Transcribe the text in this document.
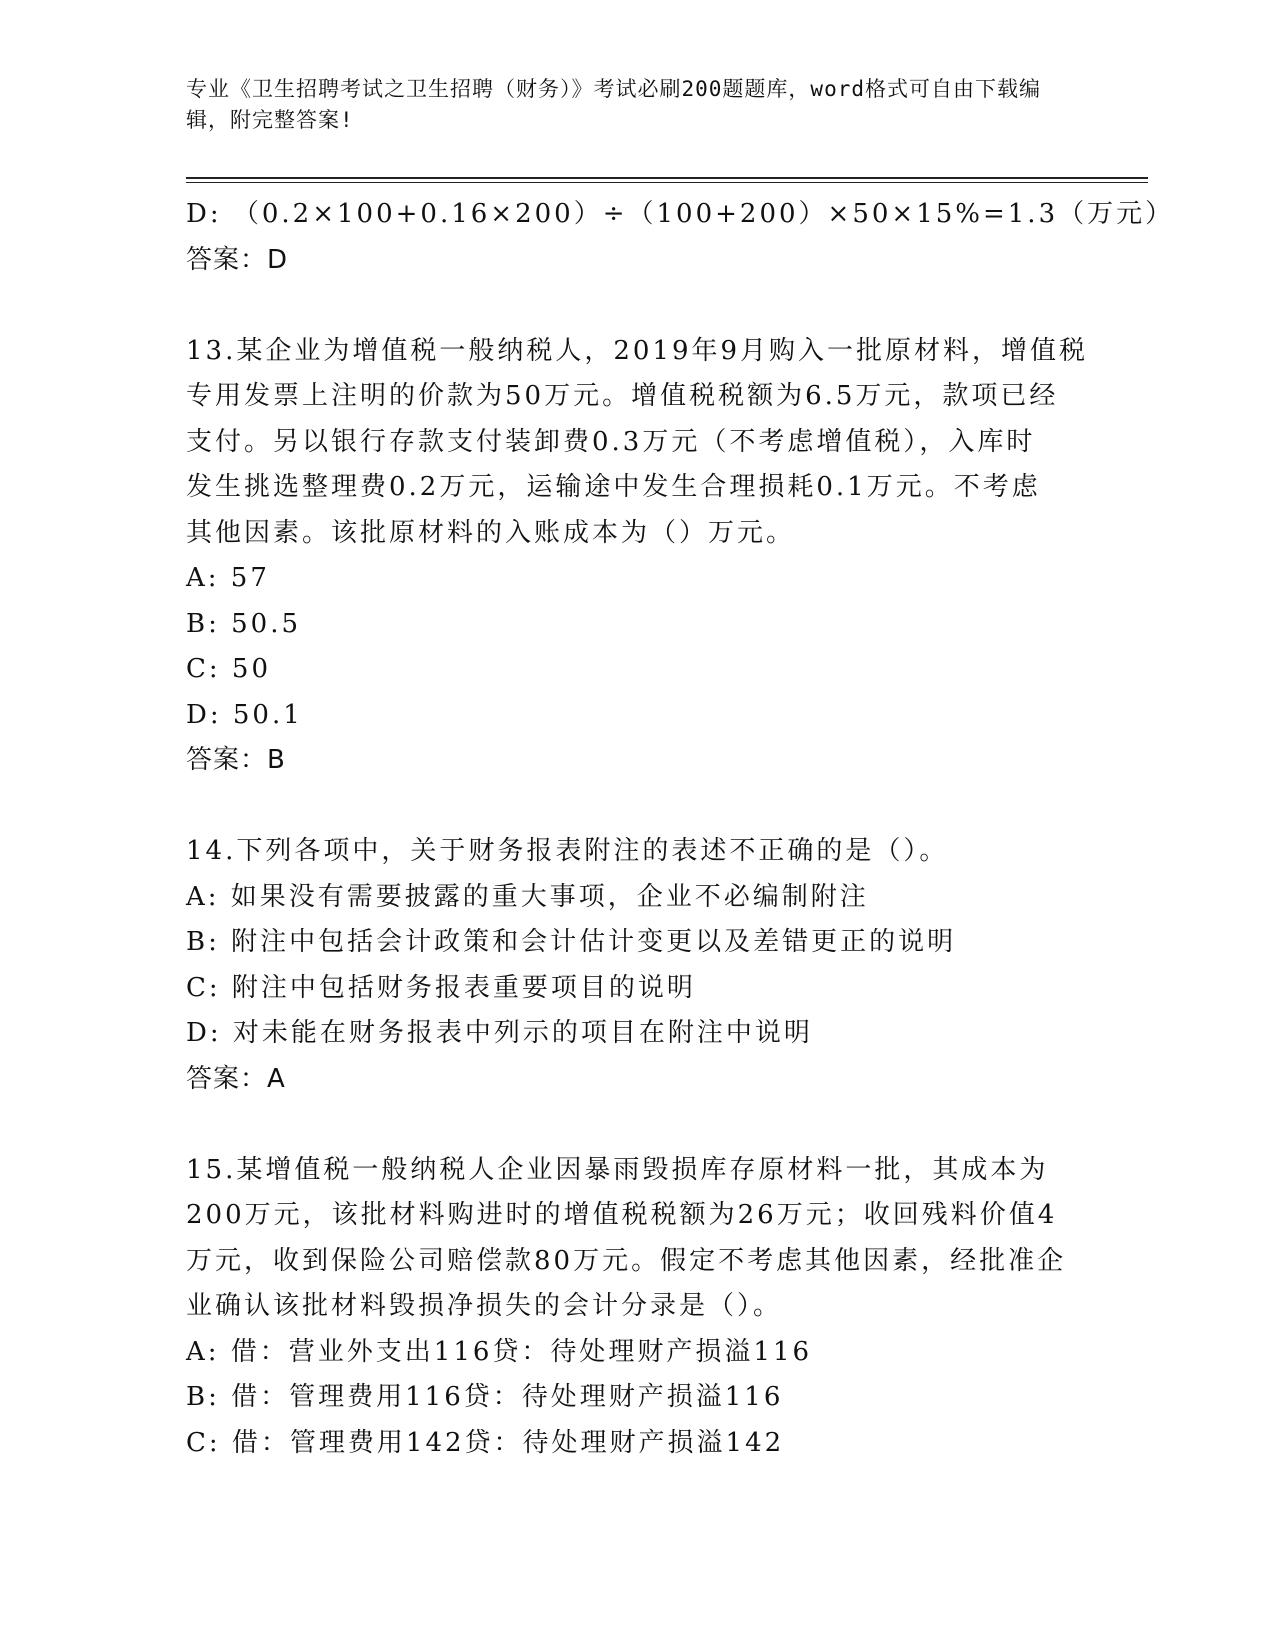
专业《卫生招聘考试之卫生招聘（财务）》考试必刷200题题库，word格式可自由下载编辑，附完整答案!
D: （0.2×100+0.16×200）÷（100+200）×50×15%=1.3（万元）
答案：D
13.某企业为增值税一般纳税人，2019年9月购入一批原材料，增值税
专用发票上注明的价款为50万元。增值税税额为6.5万元，款项已经
支付。另以银行存款支付装卸费0.3万元（不考虑增值税），入库时
发生挑选整理费0.2万元，运输途中发生合理损耗0.1万元。不考虑
其他因素。该批原材料的入账成本为（）万元。
A: 57
B: 50.5
C: 50
D: 50.1
答案：B
14.下列各项中，关于财务报表附注的表述不正确的是（）。
A: 如果没有需要披露的重大事项，企业不必编制附注
B: 附注中包括会计政策和会计估计变更以及差错更正的说明
C: 附注中包括财务报表重要项目的说明
D: 对未能在财务报表中列示的项目在附注中说明
答案：A
15.某增值税一般纳税人企业因暴雨毁损库存原材料一批，其成本为
200万元，该批材料购进时的增值税税额为26万元；收回残料价值4
万元，收到保险公司赔偿款80万元。假定不考虑其他因素，经批准企
业确认该批材料毁损净损失的会计分录是（）。
A: 借：营业外支出116贷：待处理财产损溢116
B: 借：管理费用116贷：待处理财产损溢116
C: 借：管理费用142贷：待处理财产损溢142
